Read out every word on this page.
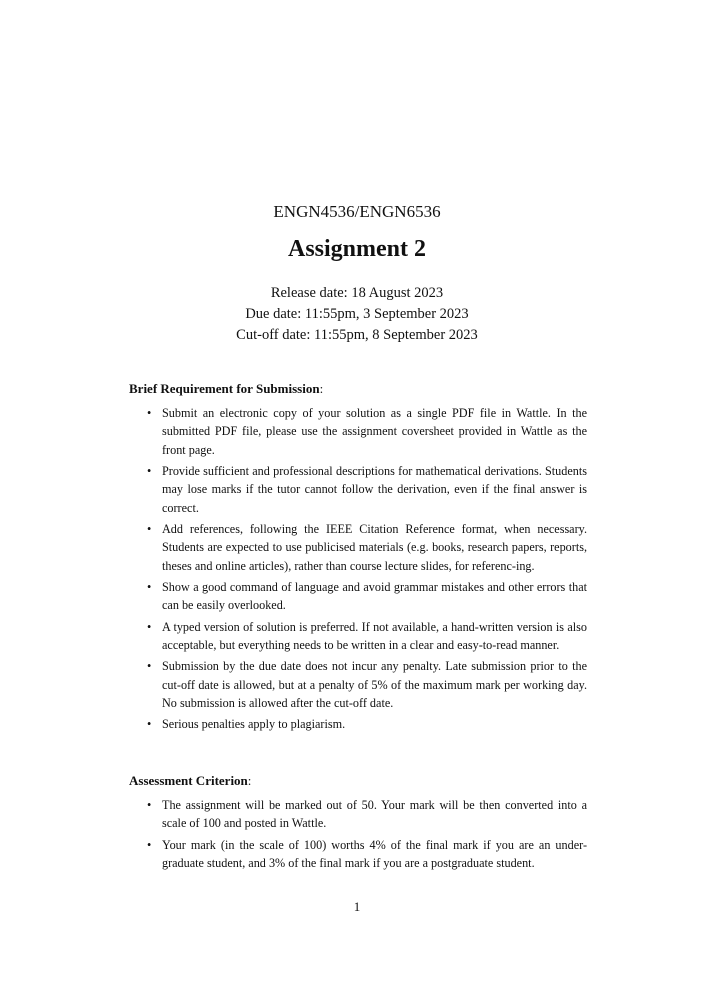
ENGN4536/ENGN6536
Assignment 2
Release date: 18 August 2023
Due date: 11:55pm, 3 September 2023
Cut-off date: 11:55pm, 8 September 2023
Brief Requirement for Submission:
• Submit an electronic copy of your solution as a single PDF file in Wattle. In the submitted PDF file, please use the assignment coversheet provided in Wattle as the front page.
• Provide sufficient and professional descriptions for mathematical derivations. Students may lose marks if the tutor cannot follow the derivation, even if the final answer is correct.
• Add references, following the IEEE Citation Reference format, when necessary. Students are expected to use publicised materials (e.g. books, research papers, reports, theses and online articles), rather than course lecture slides, for referenc-ing.
• Show a good command of language and avoid grammar mistakes and other errors that can be easily overlooked.
• A typed version of solution is preferred. If not available, a hand-written version is also acceptable, but everything needs to be written in a clear and easy-to-read manner.
• Submission by the due date does not incur any penalty. Late submission prior to the cut-off date is allowed, but at a penalty of 5% of the maximum mark per working day. No submission is allowed after the cut-off date.
• Serious penalties apply to plagiarism.
Assessment Criterion:
• The assignment will be marked out of 50. Your mark will be then converted into a scale of 100 and posted in Wattle.
• Your mark (in the scale of 100) worths 4% of the final mark if you are an under-graduate student, and 3% of the final mark if you are a postgraduate student.
1
